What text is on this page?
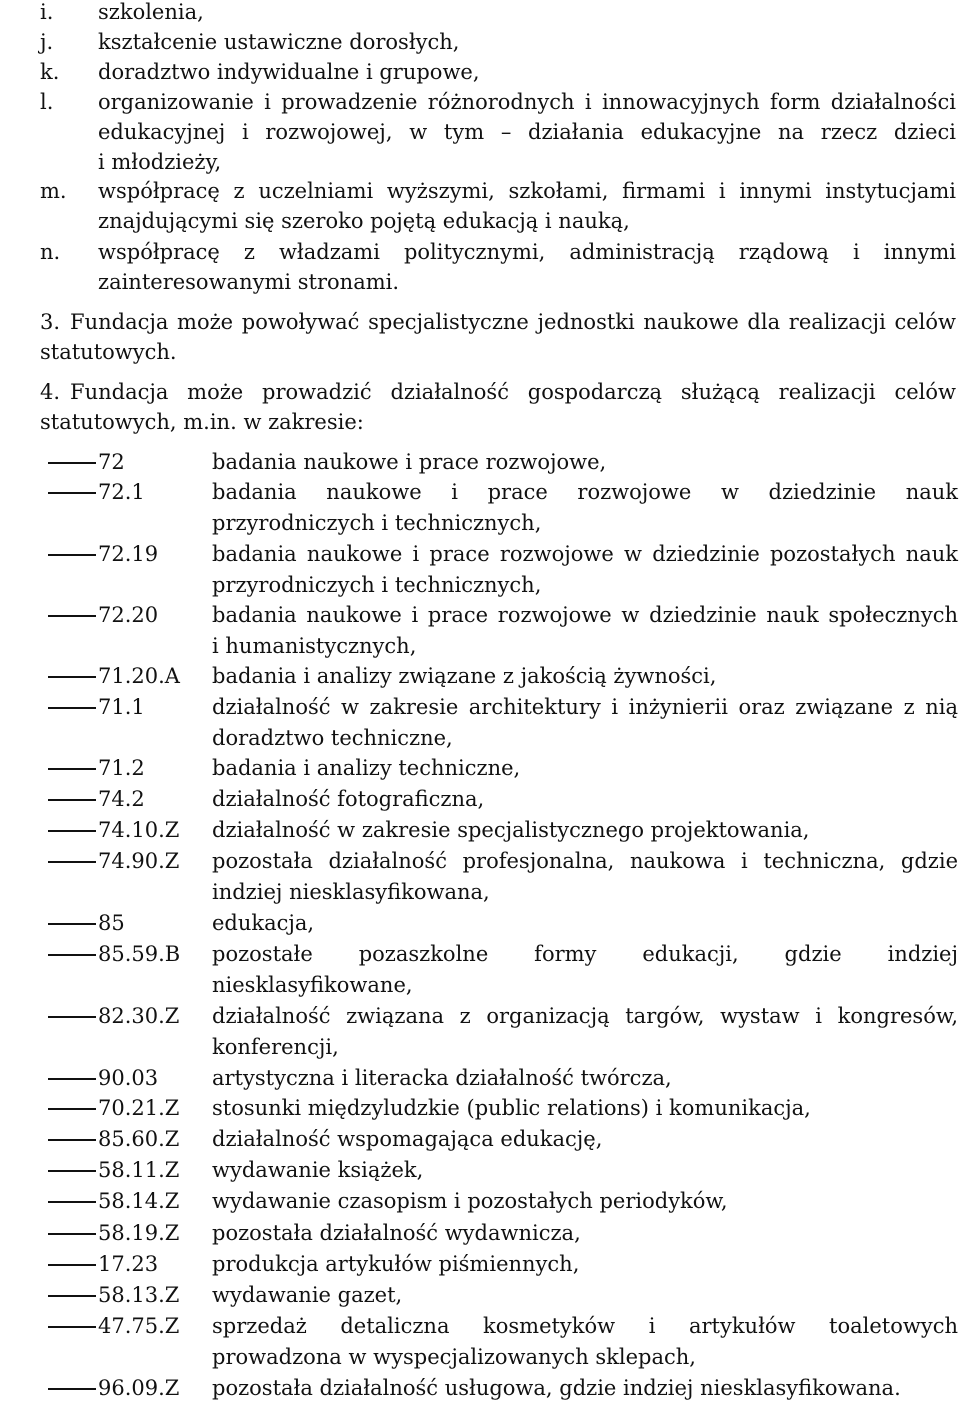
i. szkolenia,
j. kształcenie ustawiczne dorosłych,
k. doradztwo indywidualne i grupowe,
l. organizowanie i prowadzenie różnorodnych i innowacyjnych form działalności
edukacyjnej i rozwojowej, w tym – działania edukacyjne na rzecz dzieci
i młodzieży,
m. współpracę z uczelniami wyższymi, szkołami, firmami i innymi instytucjami
znajdującymi się szeroko pojętą edukacją i nauką,
n. współpracę z władzami politycznymi, administracją rządową i innymi
zainteresowanymi stronami.
3. Fundacja może powoływać specjalistyczne jednostki naukowe dla realizacji celów
statutowych.
4. Fundacja może prowadzić działalność gospodarczą służącą realizacji celów
statutowych, m.in. w zakresie:
72	badania naukowe i prace rozwojowe,
72.1	badania naukowe i prace rozwojowe w dziedzinie nauk
przyrodniczych i technicznych,
72.19	badania naukowe i prace rozwojowe w dziedzinie pozostałych nauk
przyrodniczych i technicznych,
72.20	badania naukowe i prace rozwojowe w dziedzinie nauk społecznych
i humanistycznych,
71.20.A badania i analizy związane z jakością żywności,
71.1	działalność w zakresie architektury i inżynierii oraz związane z nią
doradztwo techniczne,
71.2	badania i analizy techniczne,
74.2	działalność fotograficzna,
74.10.Z działalność w zakresie specjalistycznego projektowania,
74.90.Z pozostała działalność profesjonalna, naukowa i techniczna, gdzie
indziej niesklasyfikowana,
85	edukacja,
85.59.B pozostałe pozaszkolne formy edukacji, gdzie indziej
niesklasyfikowane,
82.30.Z działalność związana z organizacją targów, wystaw i kongresów,
konferencji,
90.03	artystyczna i literacka działalność twórcza,
70.21.Z stosunki międzyludzkie (public relations) i komunikacja,
85.60.Z działalność wspomagająca edukację,
58.11.Z wydawanie książek,
58.14.Z wydawanie czasopism i pozostałych periodyków,
58.19.Z pozostała działalność wydawnicza,
17.23	produkcja artykułów piśmiennych,
58.13.Z wydawanie gazet,
47.75.Z sprzedaż detaliczna kosmetyków i artykułów toaletowych
prowadzona w wyspecjalizowanych sklepach,
96.09.Z pozostała działalność usługowa, gdzie indziej niesklasyfikowana.
